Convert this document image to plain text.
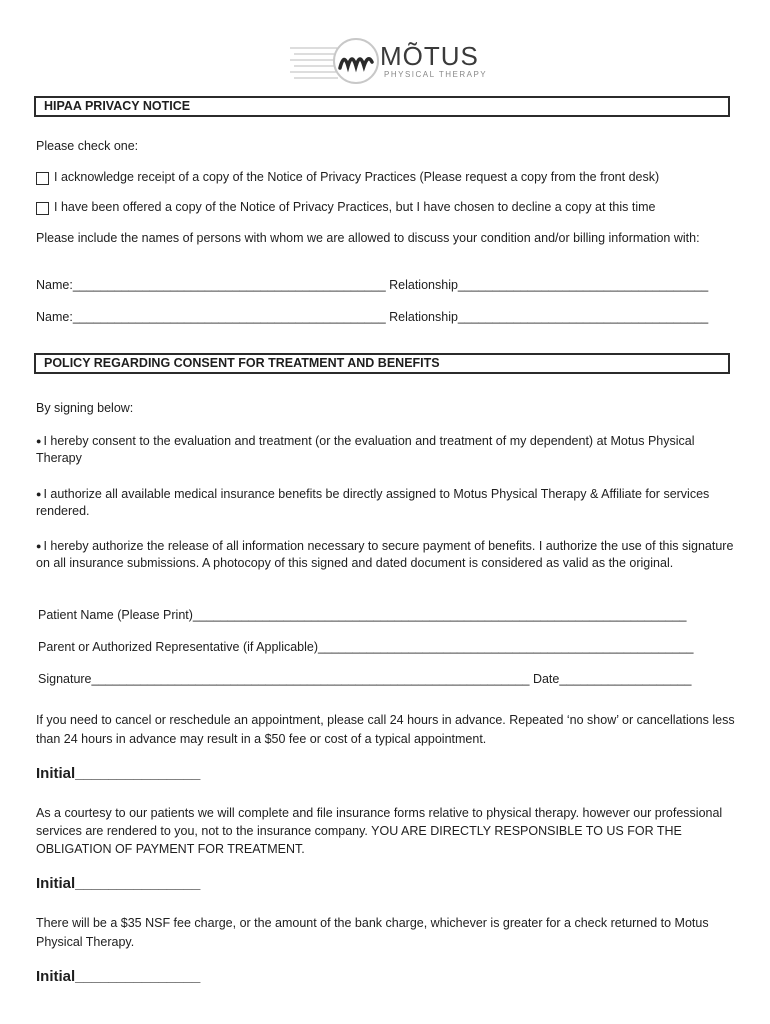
MÕTUS
PHYSICAL THERAPY
HIPAA PRIVACY NOTICE
Please check one:
I acknowledge receipt of a copy of the Notice of Privacy Practices (Please request a copy from the front desk)
I have been offered a copy of the Notice of Privacy Practices, but I have chosen to decline a copy at this time
Please include the names of persons with whom we are allowed to discuss your condition and/or billing information with:
Name:_____________________________________________ Relationship____________________________________
Name:_____________________________________________ Relationship____________________________________
POLICY REGARDING CONSENT FOR TREATMENT AND BENEFITS
By signing below:
● I hereby consent to the evaluation and treatment (or the evaluation and treatment of my dependent) at Motus Physical Therapy
● I authorize all available medical insurance benefits be directly assigned to Motus Physical Therapy & Affiliate for services rendered.
● I hereby authorize the release of all information necessary to secure payment of benefits. I authorize the use of this signature on all insurance submissions. A photocopy of this signed and dated document is considered as valid as the original.
Patient Name (Please Print)_______________________________________________________________________
Parent or Authorized Representative (if Applicable)______________________________________________________
Signature_______________________________________________________________ Date___________________
If you need to cancel or reschedule an appointment, please call 24 hours in advance. Repeated ‘no show’ or cancellations less than 24 hours in advance may result in a $50 fee or cost of a typical appointment.
Initial_______________
As a courtesy to our patients we will complete and file insurance forms relative to physical therapy. however our professional services are rendered to you, not to the insurance company. YOU ARE DIRECTLY RESPONSIBLE TO US FOR THE OBLIGATION OF PAYMENT FOR TREATMENT.
Initial_______________
There will be a $35 NSF fee charge, or the amount of the bank charge, whichever is greater for a check returned to Motus Physical Therapy.
Initial_______________
